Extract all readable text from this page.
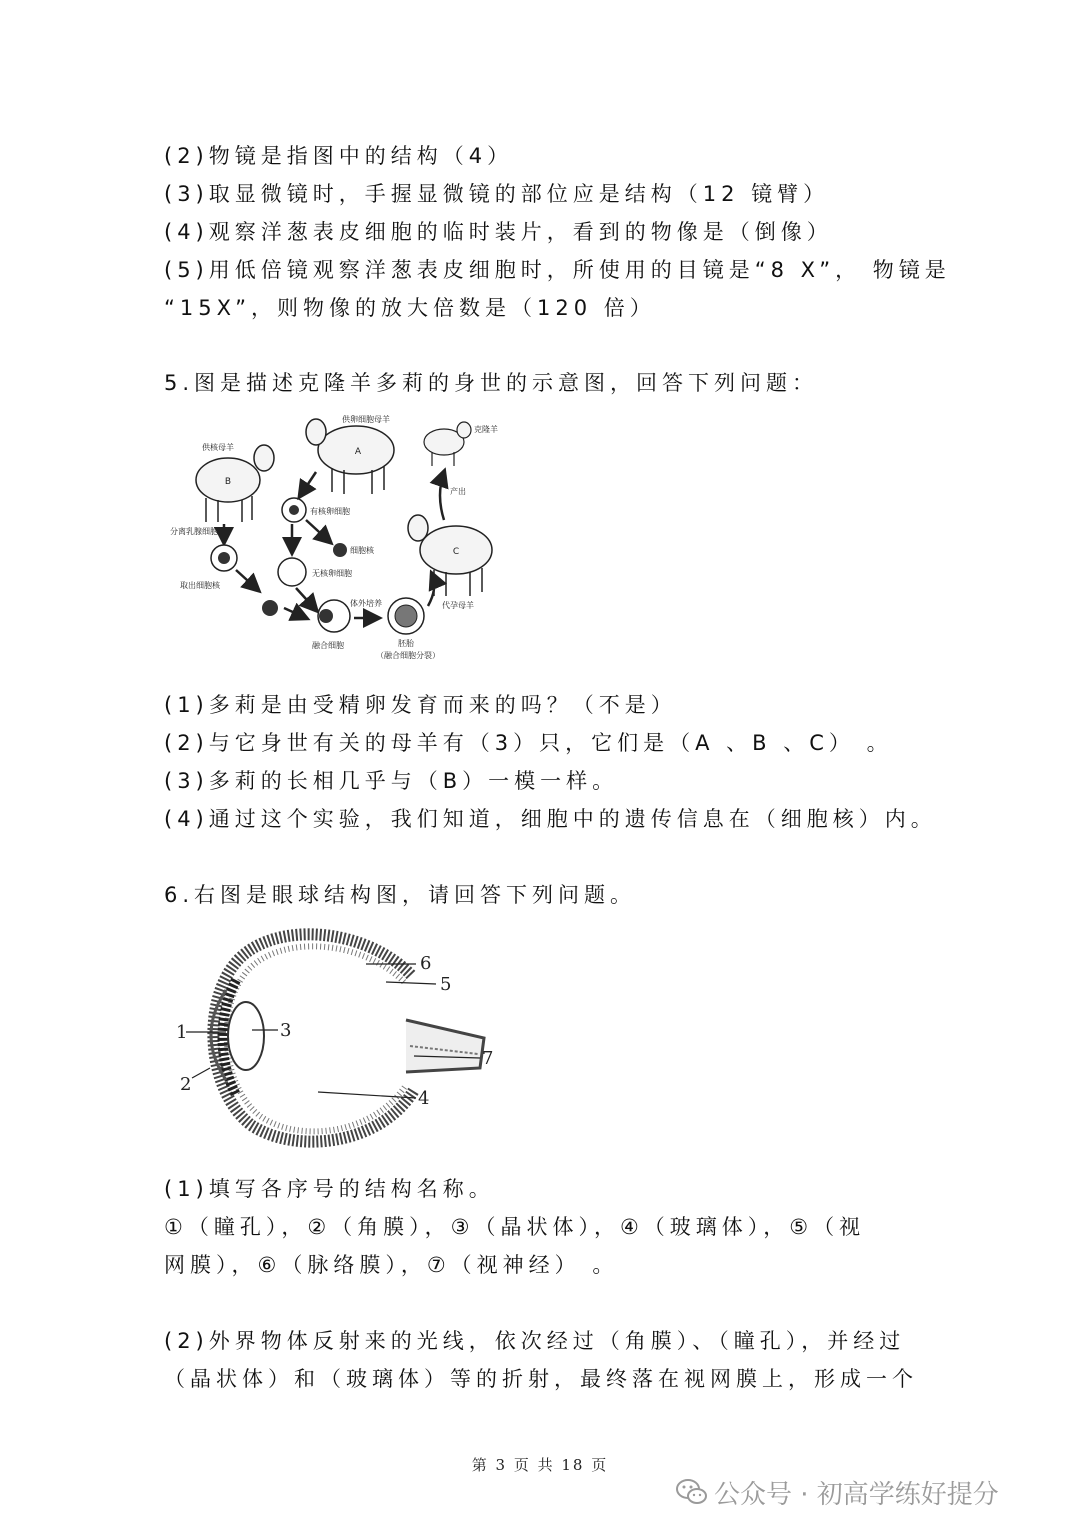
(2)物镜是指图中的结构（4）
(3)取显微镜时，手握显微镜的部位应是结构（12 镜臂）
(4)观察洋葱表皮细胞的临时装片，看到的物像是（倒像）
(5)用低倍镜观察洋葱表皮细胞时，所使用的目镜是“8 X”， 物镜是
“15X”，则物像的放大倍数是（120 倍）
5.图是描述克隆羊多莉的身世的示意图，回答下列问题：
B
供核母羊	A
供卵细胞母羊
克隆羊
C
代孕母羊
产出
有核卵细胞
细胞核
无核卵细胞
分离乳腺细胞
取出细胞核
融合细胞
体外培养
胚胎
（融合细胞分裂）
(1)多莉是由受精卵发育而来的吗？（不是）
(2)与它身世有关的母羊有（3）只，它们是（A 、B 、C） 。
(3)多莉的长相几乎与（B）一模一样。
(4)通过这个实验，我们知道，细胞中的遗传信息在（细胞核）内。
6.右图是眼球结构图，请回答下列问题。
1
2
3
4
5
6
7
(1)填写各序号的结构名称。
①（瞳孔），②（角膜），③（晶状体），④（玻璃体），⑤（视
网膜），⑥（脉络膜），⑦（视神经） 。
(2)外界物体反射来的光线，依次经过（角膜）、（瞳孔），并经过
（晶状体）和（玻璃体）等的折射，最终落在视网膜上，形成一个
第 3 页 共 18 页
公众号 · 初高学练好提分
